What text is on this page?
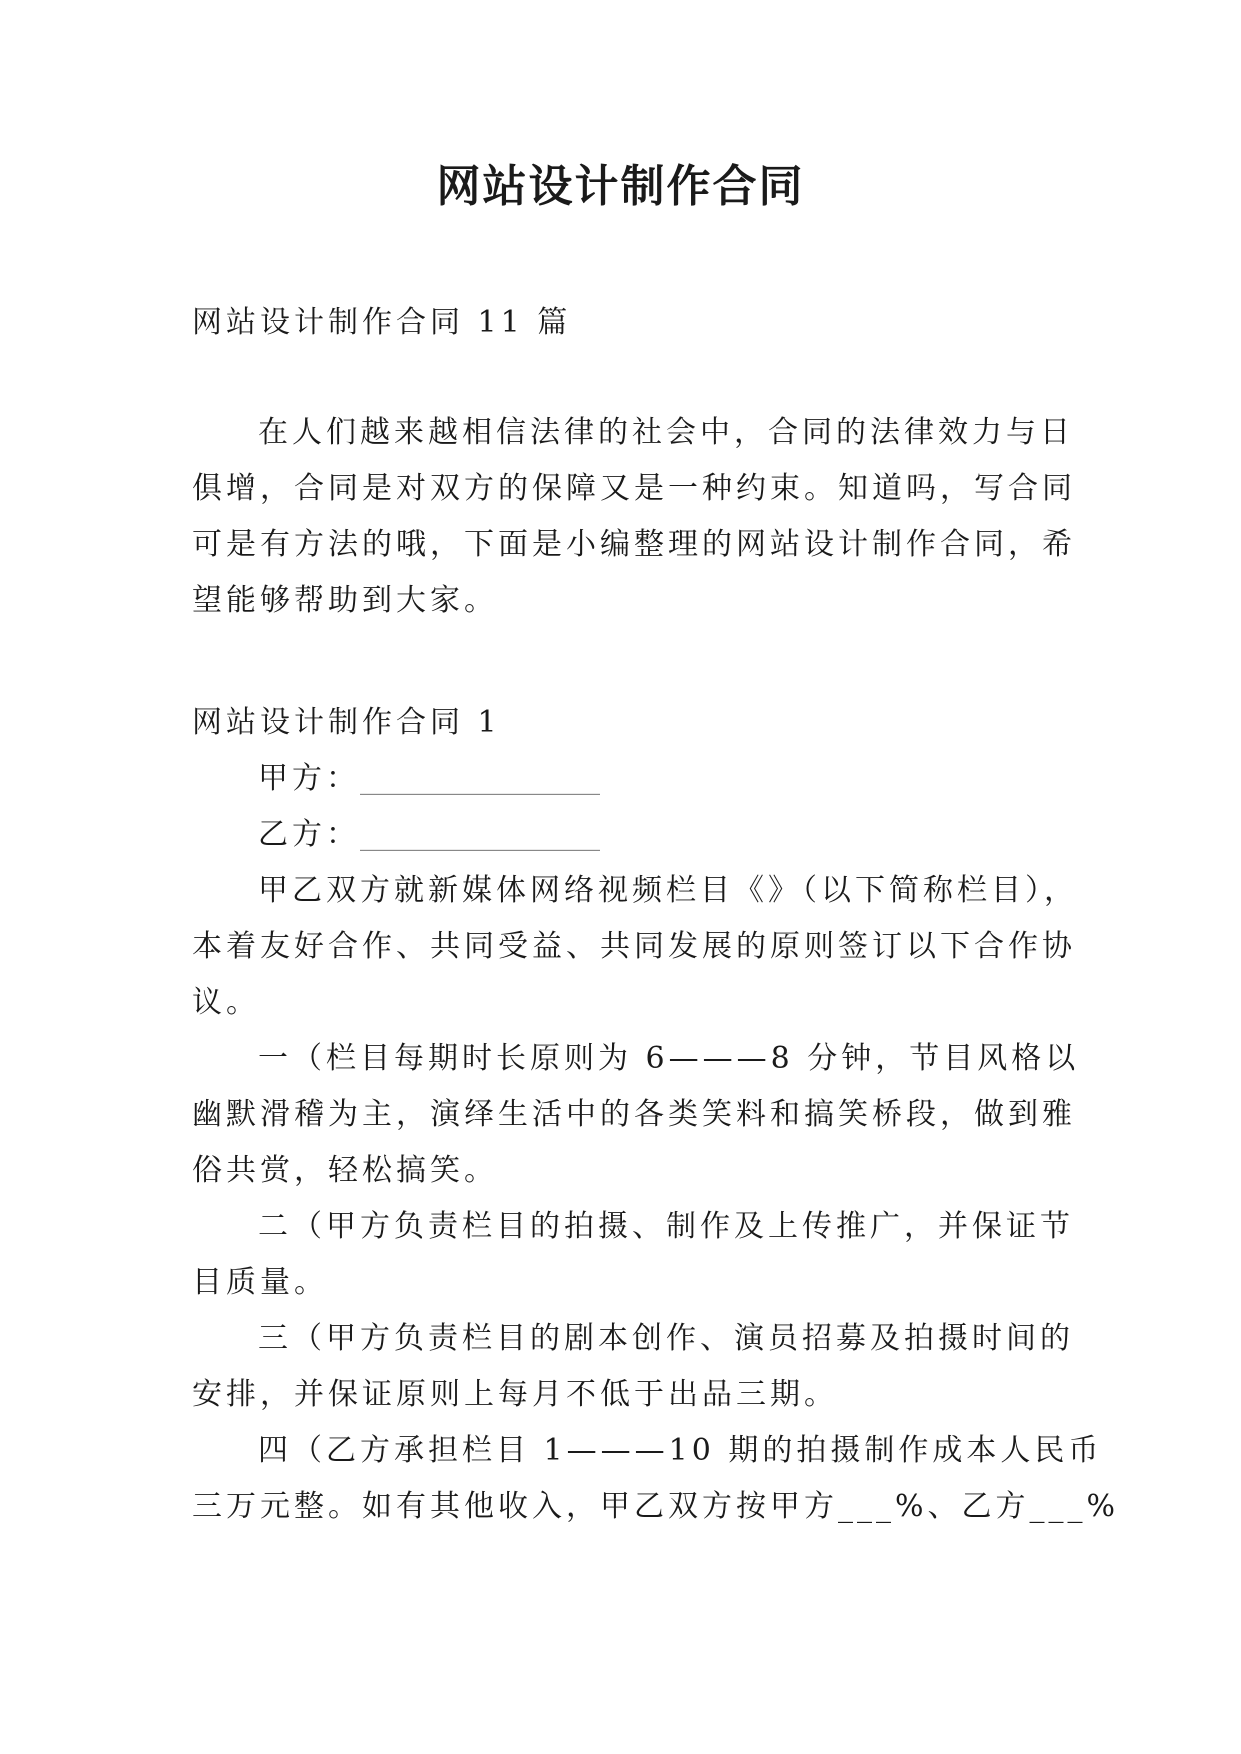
网站设计制作合同
网站设计制作合同 11 篇
在人们越来越相信法律的社会中，合同的法律效力与日
俱增，合同是对双方的保障又是一种约束。知道吗，写合同
可是有方法的哦，下面是小编整理的网站设计制作合同，希
望能够帮助到大家。
网站设计制作合同 1
甲方：________________
乙方：________________
甲乙双方就新媒体网络视频栏目《》（以下简称栏目），
本着友好合作、共同受益、共同发展的原则签订以下合作协
议。
一（栏目每期时长原则为 6———8 分钟，节目风格以
幽默滑稽为主，演绎生活中的各类笑料和搞笑桥段，做到雅
俗共赏，轻松搞笑。
二（甲方负责栏目的拍摄、制作及上传推广，并保证节
目质量。
三（甲方负责栏目的剧本创作、演员招募及拍摄时间的
安排，并保证原则上每月不低于出品三期。
四（乙方承担栏目 1———10 期的拍摄制作成本人民币
三万元整。如有其他收入，甲乙双方按甲方___%、乙方___%
